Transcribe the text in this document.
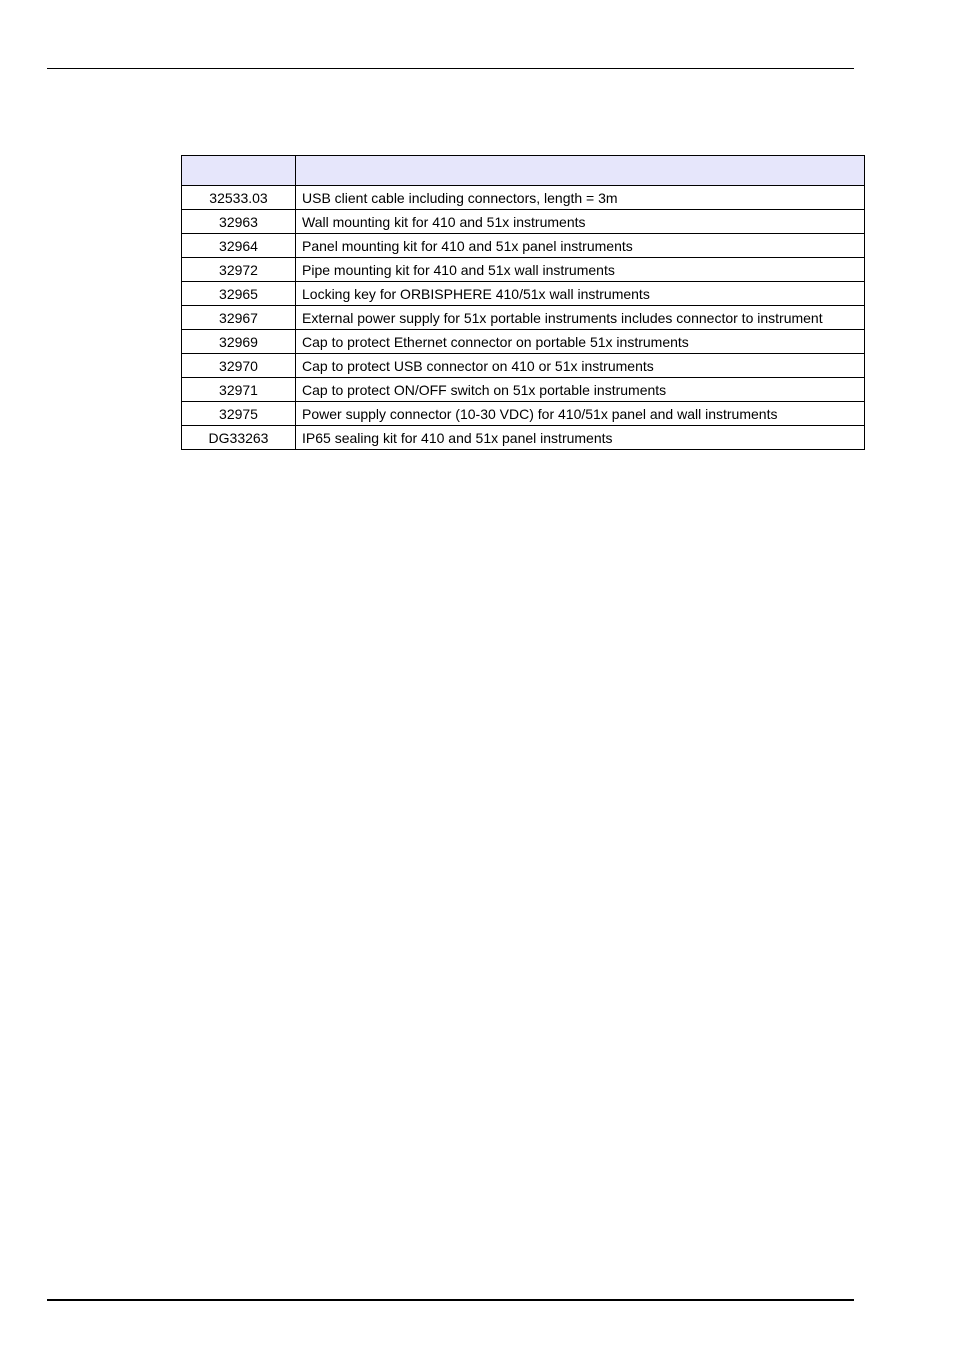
32533.03	USB client cable including connectors, length = 3m
32963	Wall mounting kit for 410 and 51x instruments
32964	Panel mounting kit for 410 and 51x panel instruments
32972	Pipe mounting kit for 410 and 51x wall instruments
32965	Locking key for ORBISPHERE 410/51x wall instruments
32967	External power supply for 51x portable instruments includes connector to instrument
32969	Cap to protect Ethernet connector on portable 51x instruments
32970	Cap to protect USB connector on 410 or 51x instruments
32971	Cap to protect ON/OFF switch on 51x portable instruments
32975	Power supply connector (10-30 VDC) for 410/51x panel and wall instruments
DG33263	IP65 sealing kit for 410 and 51x panel instruments
